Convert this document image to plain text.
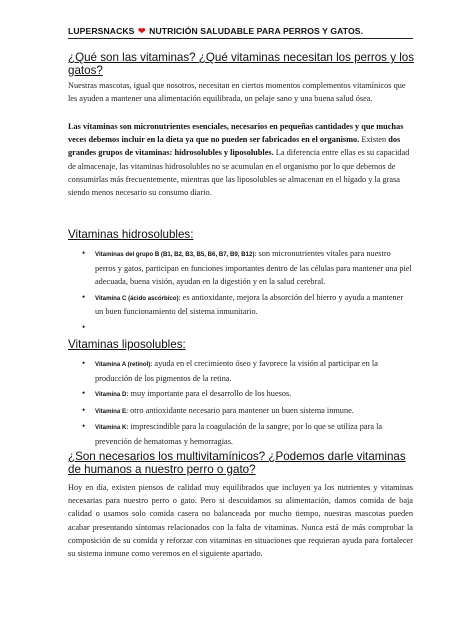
LUPERSNACKS ❤ NUTRICIÓN SALUDABLE PARA PERROS Y GATOS.
¿Qué son las vitaminas? ¿Qué vitaminas necesitan los perros y los gatos?

Nuestras mascotas, igual que nosotros, necesitan en ciertos momentos complementos vitamínicos que les ayuden a mantener una alimentación equilibrada, un pelaje sano y una buena salud ósea.

Las vitaminas son micronutrientes esenciales, necesarios en pequeñas cantidades y que muchas veces debemos incluir en la dieta ya que no pueden ser fabricados en el organismo. Existen dos grandes grupos de vitaminas: hidrosolubles y liposolubles. La diferencia entre ellas es su capacidad de almacenaje, las vitaminas hidrosolubles no se acumulan en el organismo por lo que debemos de consumirlas más frecuentemente, mientras que las liposolubles se almacenan en el hígado y la grasa siendo menos necesario su consumo diario.

Vitaminas hidrosolubles:
• Vitaminas del grupo B (B1, B2, B3, B5, B6, B7, B9, B12): son micronutrientes vitales para nuestro perros y gatos, participan en funciones importantes dentro de las células para mantener una piel adecuada, buena visión, ayudan en la digestión y en la salud cerebral.
• Vitamina C (ácido ascórbico): es antioxidante, mejora la absorción del hierro y ayuda a mantener un buen funcionamiento del sistema inmunitario.
•
Vitaminas liposolubles:
• Vitamina A (retinol): ayuda en el crecimiento óseo y favorece la visión al participar en la producción de los pigmentos de la retina.
• Vitamina D: muy importante para el desarrollo de los huesos.
• Vitamina E: otro antioxidante necesario para mantener un buen sistema inmune.
• Vitamina K: imprescindible para la coagulación de la sangre, por lo que se utiliza para la prevención de hematomas y hemorragias.
¿Son necesarios los multivitamínicos? ¿Podemos darle vitaminas de humanos a nuestro perro o gato?

Hoy en día, existen piensos de calidad muy equilibrados que incluyen ya los nutrientes y vitaminas necesarias para nuestro perro o gato. Pero si descuidamos su alimentación, damos comida de baja calidad o usamos solo comida casera no balanceada por mucho tiempo, nuestras mascotas pueden acabar presentando síntomas relacionados con la falta de vitaminas. Nunca está de más comprobar la composición de su comida y reforzar con vitaminas en situaciones que requieran ayuda para fortalecer su sistema inmune como veremos en el siguiente apartado.
